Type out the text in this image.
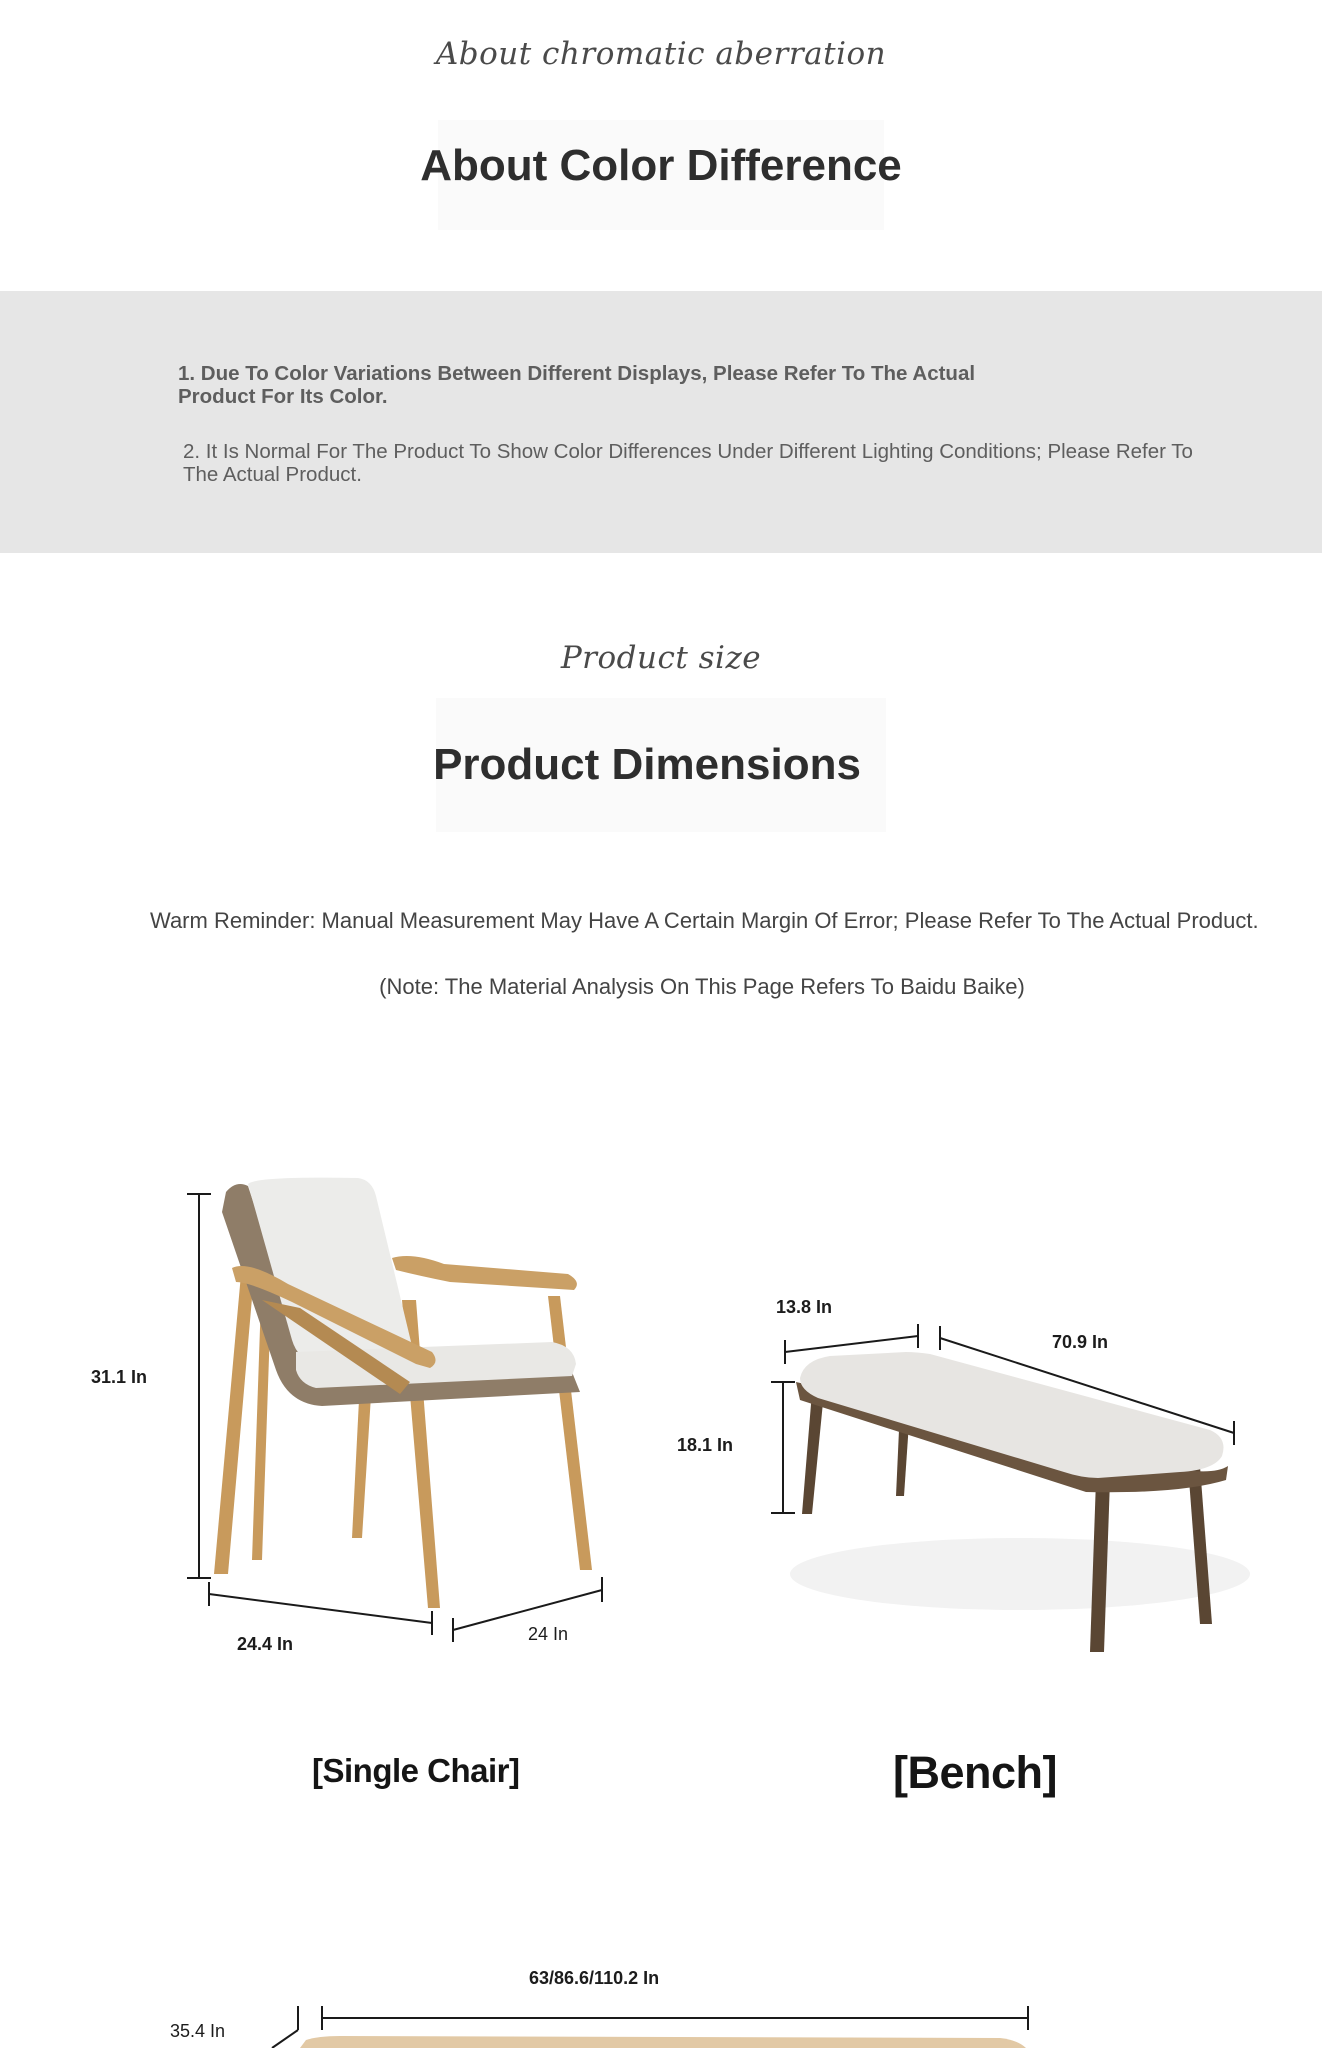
About chromatic aberration
About Color Difference
1. Due To Color Variations Between Different Displays, Please Refer To The Actual Product For Its Color.
2. It Is Normal For The Product To Show Color Differences Under Different Lighting Conditions; Please Refer To The Actual Product.
Product size
Product Dimensions
Warm Reminder: Manual Measurement May Have A Certain Margin Of Error; Please Refer To The Actual Product.
(Note: The Material Analysis On This Page Refers To Baidu Baike)
31.1 In
24.4 In	24 In
[Single Chair]
13.8 In
70.9 In
18.1 In
[Bench]
63/86.6/110.2 In
35.4 In
